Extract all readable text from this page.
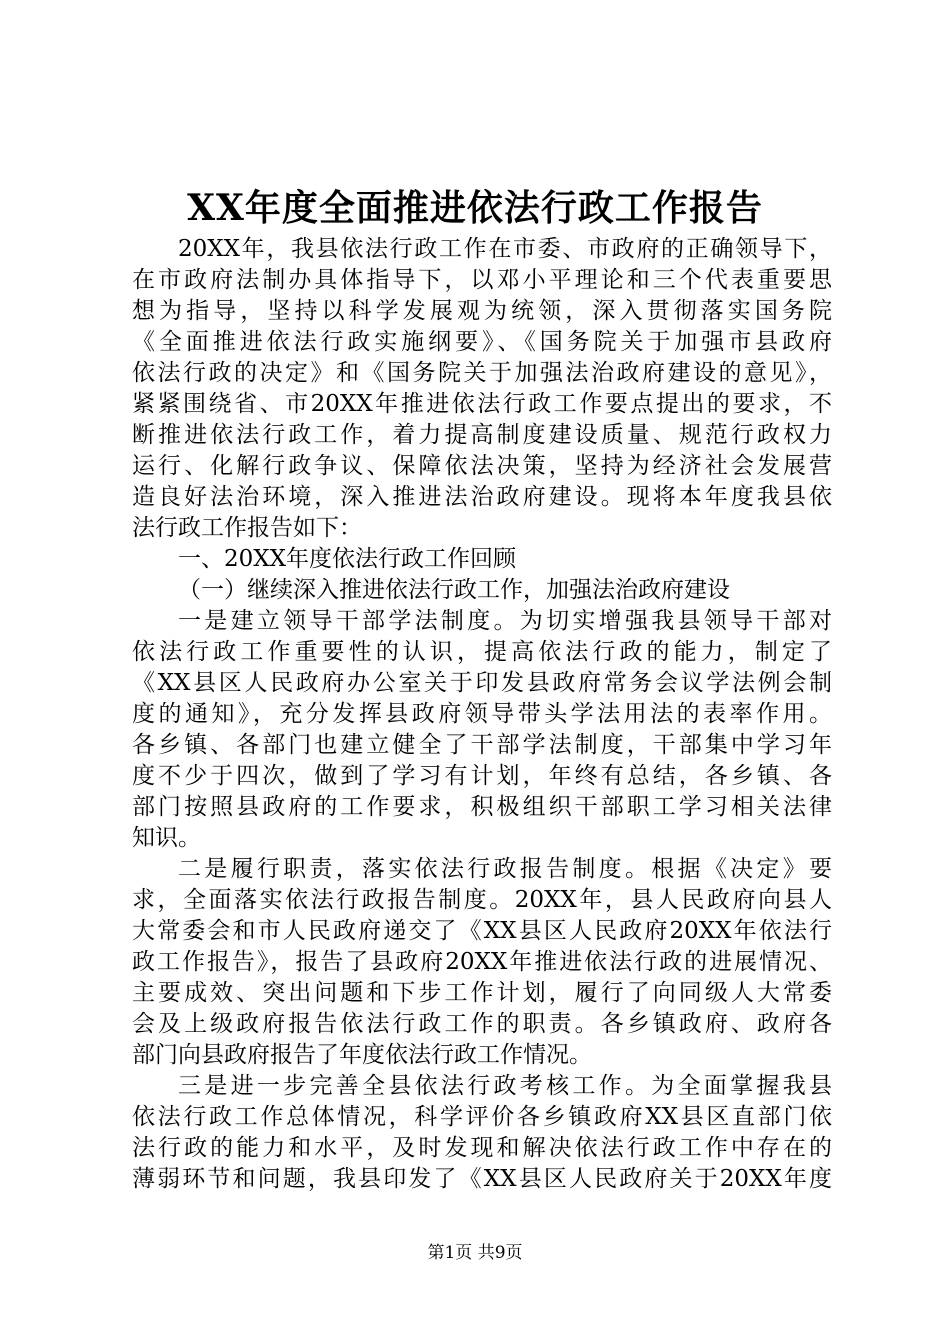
XX年度全面推进依法行政工作报告
20XX年，我县依法行政工作在市委、市政府的正确领导下，
在市政府法制办具体指导下，以邓小平理论和三个代表重要思
想为指导，坚持以科学发展观为统领，深入贯彻落实国务院
《全面推进依法行政实施纲要》、《国务院关于加强市县政府
依法行政的决定》和《国务院关于加强法治政府建设的意见》，
紧紧围绕省、市20XX年推进依法行政工作要点提出的要求，不
断推进依法行政工作，着力提高制度建设质量、规范行政权力
运行、化解行政争议、保障依法决策，坚持为经济社会发展营
造良好法治环境，深入推进法治政府建设。现将本年度我县依
法行政工作报告如下：
一、20XX年度依法行政工作回顾
（一）继续深入推进依法行政工作，加强法治政府建设
一是建立领导干部学法制度。为切实增强我县领导干部对
依法行政工作重要性的认识，提高依法行政的能力，制定了
《XX县区人民政府办公室关于印发县政府常务会议学法例会制
度的通知》，充分发挥县政府领导带头学法用法的表率作用。
各乡镇、各部门也建立健全了干部学法制度，干部集中学习年
度不少于四次，做到了学习有计划，年终有总结，各乡镇、各
部门按照县政府的工作要求，积极组织干部职工学习相关法律
知识。
二是履行职责，落实依法行政报告制度。根据《决定》要
求，全面落实依法行政报告制度。20XX年，县人民政府向县人
大常委会和市人民政府递交了《XX县区人民政府20XX年依法行
政工作报告》，报告了县政府20XX年推进依法行政的进展情况、
主要成效、突出问题和下步工作计划，履行了向同级人大常委
会及上级政府报告依法行政工作的职责。各乡镇政府、政府各
部门向县政府报告了年度依法行政工作情况。
三是进一步完善全县依法行政考核工作。为全面掌握我县
依法行政工作总体情况，科学评价各乡镇政府XX县区直部门依
法行政的能力和水平，及时发现和解决依法行政工作中存在的
薄弱环节和问题，我县印发了《XX县区人民政府关于20XX年度
第1页 共9页
